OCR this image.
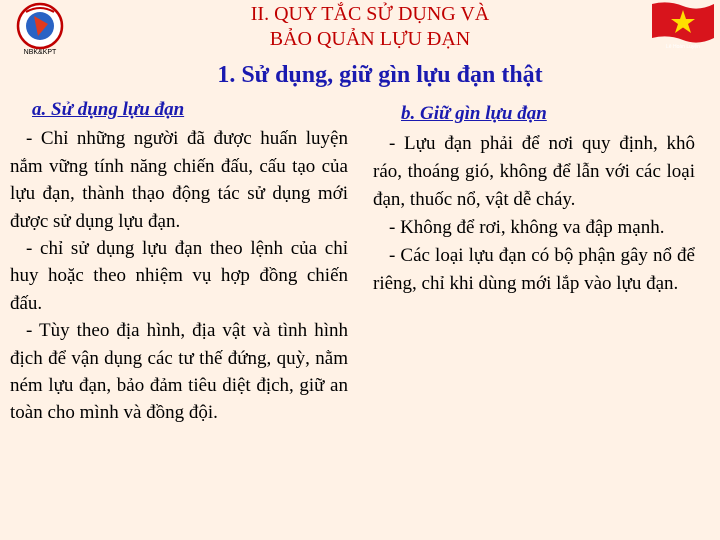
NBK&KPT
Lê Hoàn Luyện
II. QUY TẮC SỬ DỤNG VÀ
BẢO QUẢN LỰU ĐẠN
1. Sử dụng, giữ gìn lựu đạn thật
a. Sử dụng lựu đạn

- Chỉ những người đã được huấn luyện nắm vững tính năng chiến đấu, cấu tạo của lựu đạn, thành thạo động tác sử dụng mới được sử dụng lựu đạn.

- chỉ sử dụng lựu đạn theo lệnh của chỉ huy hoặc theo nhiệm vụ hợp đồng chiến đấu.

- Tùy theo địa hình, địa vật và tình hình địch để vận dụng các tư thế đứng, quỳ, nằm ném lựu đạn, bảo đảm tiêu diệt địch, giữ an toàn cho mình và đồng đội.

b. Giữ gìn lựu đạn

- Lựu đạn phải để nơi quy định, khô ráo, thoáng gió, không để lẫn với các loại đạn, thuốc nổ, vật dễ cháy.

- Không để rơi, không va đập mạnh.

- Các loại lựu đạn có bộ phận gây nổ để riêng, chỉ khi dùng mới lắp vào lựu đạn.
